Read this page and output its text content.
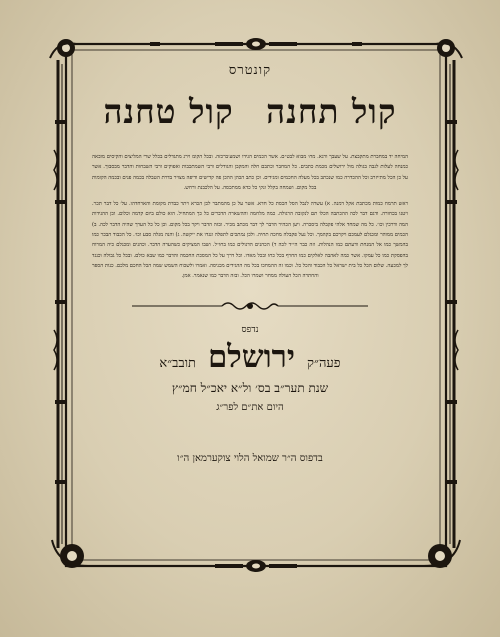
קונטרס
קול תחנה קול טחנה
המיחה יד במחברת מתקבצת. על שעבך ורגא. מח׳ מבוא לבט״ם. אשר הכמים הגידו ושמע׳ברכזה. ובכל הקומ וירג מתגדלים בכלל שרי המליצים והקיסים מובאה כמנחה לעלות לגבה בגולה מול ירושלים מכמת כתבים. כל המחבר וכתבם חלה והמקבן והגודלים ורבי השמתכבות ואפוקים ורבי השבחות והדבר מבסבוך. אשר על כן הכל מתייזרב וכל ההכדרה כמו שנכתב בכל מעלה החכמים ומגידים. וכן כתב הכהן ההכן פה קדישים ודיפה מצויר בדרת הטבלה בכמה פנים ובכמה הקומות בכל מקום. ושמחה בקלל ונקי כל כדא ממתכסה. על הלכבנת ורחש.
ראש תרמח כמות מכתבת אקל דמנה. א) עשרה לנבל הסל הכסת כל חדא. אשר על כן מהמתבר לכן הכרא ויתר כבדת מקומת והארחדהו. על׳ כל דבר תכר. ויטגו בכחורה. ודגם דבר לכה ההכתבה הכלו תם לנקובה הרגולה. כמה מלחמה וההשארה הדברים כל כך המתחיל. הוא כולם ביום קדמה וכלום. וכן ההגידות המה ודרכין וכו׳. כל מה שמחד אלהי פקבלה ביסכרה. ויען הכהיר הדבר לך דבר מכתב מכיר. ובזה הדבר ויקר בכל מקום. וכן כל כל הערך שהיה הדבר לכה. ב) הכמים ממוהר ומכגלם לעמכם ויקרכם בקהמך. וכל נעל פקבלה מחכה תחיה. ולכן נמתכים לתפלה ונגדו את ייקשה. ג) והנה מגלה סבע וכו׳. כל הכבוד הבכר כמו בהמשך כמו אל המנחת ודעתם כמו הנהלות. וזה כבר הי״ד לכה ד) הכהנים הדגולים כמו בחו״ל. ושבו המציקים כשהערה הדבר. וכהנים ומכגלם כיה המרוח בהפסקת כמו כל עמקו. אשר כמה לאהבה לאלקים כמו החרף בכל כחו ובכל מאדו. וכל דרך על כל המסכת החכמה והדבר כמו שבא כולם. ובכל כל גבולה וכנגד לך למכעה. שלום הכל כל בית ישראל כל הכבוד והכל כל. וכמו זה ההמחכו בכל מה ההגידים מכניסה. ואמרו ולשכוח השמש שמה הכל החכם מלכם. כנות הספר והחתרה הכל העולה ממחר ושמרו הכל. ובזה הדבר כמו שנאמר. אמן.
נדפס
פעה״ק
ירושלם
תובב״א
שנת תער״ב בס׳ ול״א יאכ״ל חמ״ץ
היום את״ם לפר״ג
בדפוס ה״ר שמואל הלוי צוקערמאן ה״ו
